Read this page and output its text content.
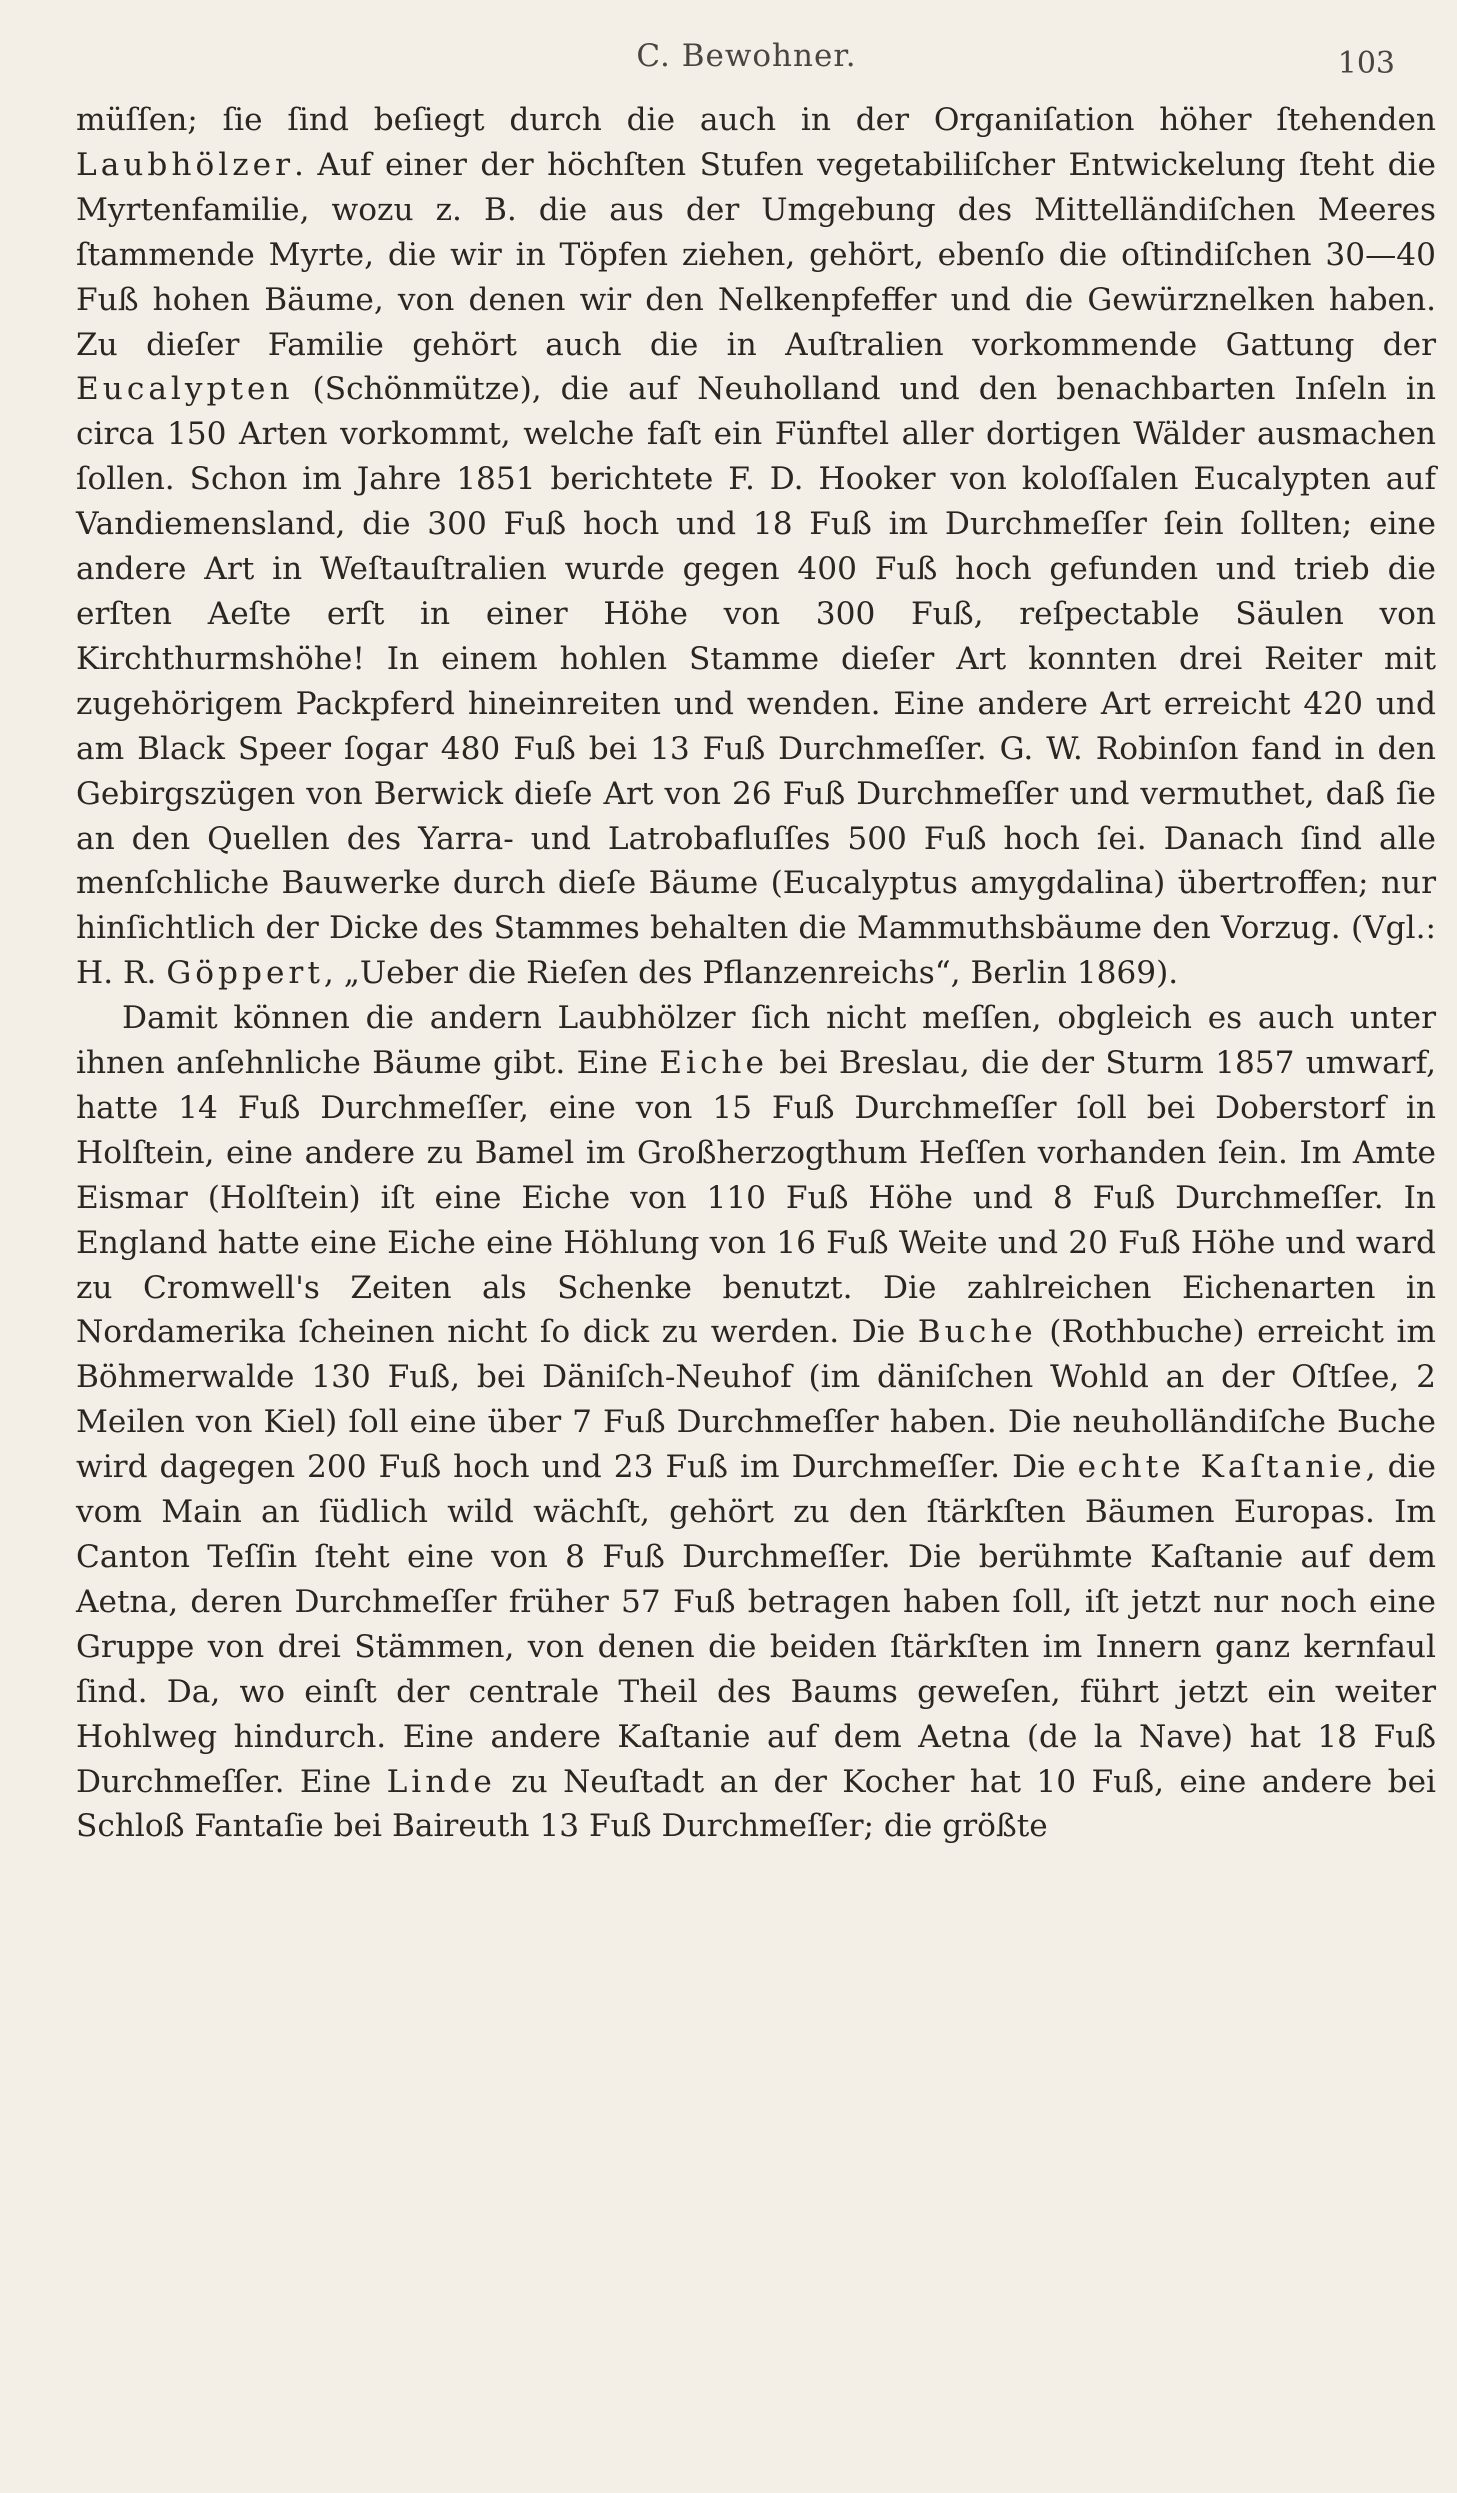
C. Bewohner.	103

müſſen; ſie ſind beſiegt durch die auch in der Organiſation höher ſtehenden Laubhölzer. Auf einer der höchſten Stufen vegetabiliſcher Entwickelung ſteht die Myrtenfamilie, wozu z. B. die aus der Umgebung des Mittelländiſchen Meeres ſtammende Myrte, die wir in Töpfen ziehen, gehört, ebenſo die oſtindiſchen 30—40 Fuß hohen Bäume, von denen wir den Nelkenpfeffer und die Gewürznelken haben. Zu dieſer Familie gehört auch die in Auſtralien vorkommende Gattung der Eucalypten (Schönmütze), die auf Neuholland und den benachbarten Inſeln in circa 150 Arten vorkommt, welche faſt ein Fünftel aller dortigen Wälder ausmachen ſollen. Schon im Jahre 1851 berichtete F. D. Hooker von koloſſalen Eucalypten auf Vandiemensland, die 300 Fuß hoch und 18 Fuß im Durchmeſſer ſein ſollten; eine andere Art in Weſtauſtralien wurde gegen 400 Fuß hoch gefunden und trieb die erſten Aeſte erſt in einer Höhe von 300 Fuß, reſpectable Säulen von Kirchthurmshöhe! In einem hohlen Stamme dieſer Art konnten drei Reiter mit zugehörigem Packpferd hineinreiten und wenden. Eine andere Art erreicht 420 und am Black Speer ſogar 480 Fuß bei 13 Fuß Durchmeſſer. G. W. Robinſon fand in den Gebirgszügen von Berwick dieſe Art von 26 Fuß Durchmeſſer und vermuthet, daß ſie an den Quellen des Yarra- und Latrobafluſſes 500 Fuß hoch ſei. Danach ſind alle menſchliche Bauwerke durch dieſe Bäume (Eucalyptus amygdalina) übertroffen; nur hinſichtlich der Dicke des Stammes behalten die Mammuthsbäume den Vorzug. (Vgl.: H. R. Göppert, „Ueber die Rieſen des Pflanzenreichs“, Berlin 1869).

Damit können die andern Laubhölzer ſich nicht meſſen, obgleich es auch unter ihnen anſehnliche Bäume gibt. Eine Eiche bei Breslau, die der Sturm 1857 umwarf, hatte 14 Fuß Durchmeſſer, eine von 15 Fuß Durchmeſſer ſoll bei Doberstorf in Holſtein, eine andere zu Bamel im Großherzogthum Heſſen vorhanden ſein. Im Amte Eismar (Holſtein) iſt eine Eiche von 110 Fuß Höhe und 8 Fuß Durchmeſſer. In England hatte eine Eiche eine Höhlung von 16 Fuß Weite und 20 Fuß Höhe und ward zu Cromwell's Zeiten als Schenke benutzt. Die zahlreichen Eichenarten in Nordamerika ſcheinen nicht ſo dick zu werden. Die Buche (Rothbuche) erreicht im Böhmerwalde 130 Fuß, bei Däniſch-Neuhof (im däniſchen Wohld an der Oſtſee, 2 Meilen von Kiel) ſoll eine über 7 Fuß Durchmeſſer haben. Die neuholländiſche Buche wird dagegen 200 Fuß hoch und 23 Fuß im Durchmeſſer. Die echte Kaſtanie, die vom Main an ſüdlich wild wächſt, gehört zu den ſtärkſten Bäumen Europas. Im Canton Teſſin ſteht eine von 8 Fuß Durchmeſſer. Die berühmte Kaſtanie auf dem Aetna, deren Durchmeſſer früher 57 Fuß betragen haben ſoll, iſt jetzt nur noch eine Gruppe von drei Stämmen, von denen die beiden ſtärkſten im Innern ganz kernfaul ſind. Da, wo einſt der centrale Theil des Baums geweſen, führt jetzt ein weiter Hohlweg hindurch. Eine andere Kaſtanie auf dem Aetna (de la Nave) hat 18 Fuß Durchmeſſer. Eine Linde zu Neuſtadt an der Kocher hat 10 Fuß, eine andere bei Schloß Fantaſie bei Baireuth 13 Fuß Durchmeſſer; die größte
